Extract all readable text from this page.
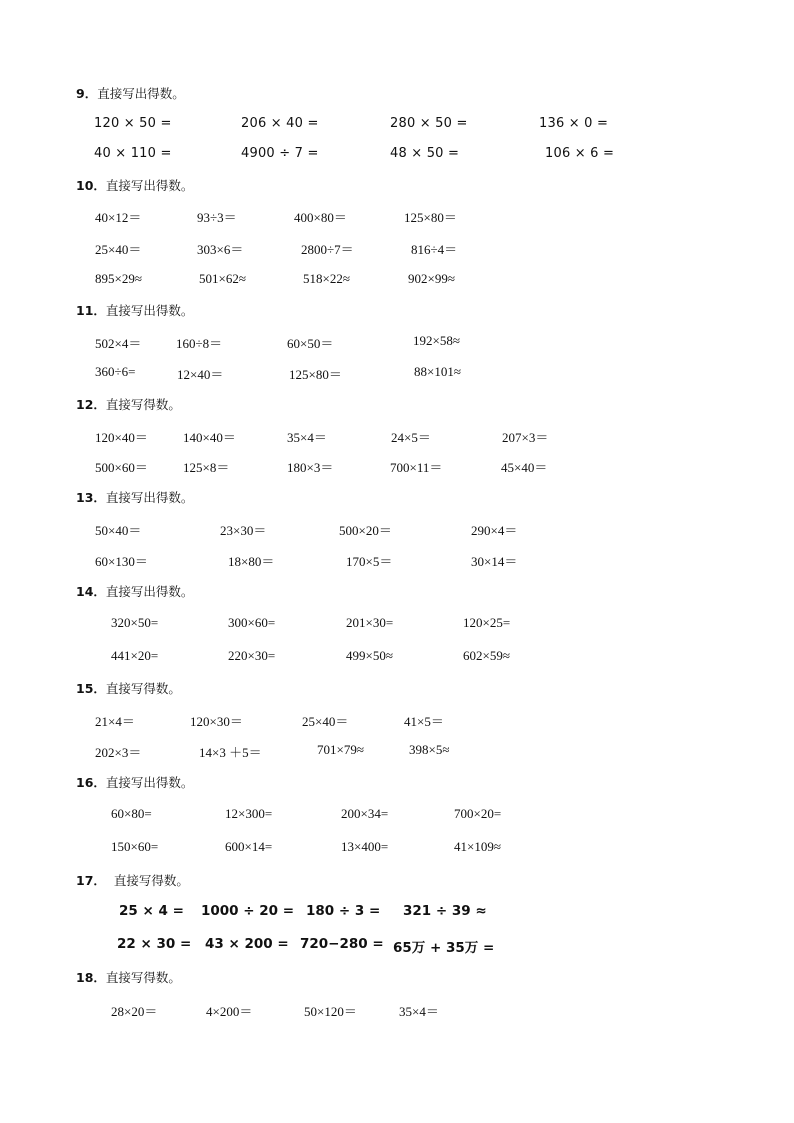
9．直接写出得数。
120 × 50 =	206 × 40 =	280 × 50 =	136 × 0 =
40 × 110 =	4900 ÷ 7 =	48 × 50 =	106 × 6 =
10．直接写出得数。
40×12＝	93÷3＝	400×80＝	125×80＝
25×40＝	303×6＝	2800÷7＝	816÷4＝
895×29≈	501×62≈	518×22≈	902×99≈
11．直接写出得数。
502×4＝	160÷8＝	60×50＝	192×58≈
360÷6=	12×40＝	125×80＝	88×101≈
12．直接写得数。
120×40＝	140×40＝	35×4＝	24×5＝	207×3＝
500×60＝	125×8＝	180×3＝	700×11＝	45×40＝
13．直接写出得数。
50×40＝	23×30＝	500×20＝	290×4＝
60×130＝	18×80＝	170×5＝	30×14＝
14．直接写出得数。
320×50=	300×60=	201×30=	120×25=
441×20=	220×30=	499×50≈	602×59≈
15．直接写得数。
21×4＝	120×30＝	25×40＝	41×5＝
202×3＝	14×3 ＋5＝	701×79≈	398×5≈
16．直接写出得数。
60×80=	12×300=	200×34=	700×20=
150×60=	600×14=	13×400=	41×109≈
17． 直接写得数。
25 × 4 = 1000 ÷ 20 = 180 ÷ 3 = 321 ÷ 39 ≈
22 × 30 = 43 × 200 = 720−280 = 65万 + 35万 =
18．直接写得数。
28×20＝	4×200＝	50×120＝	35×4＝
